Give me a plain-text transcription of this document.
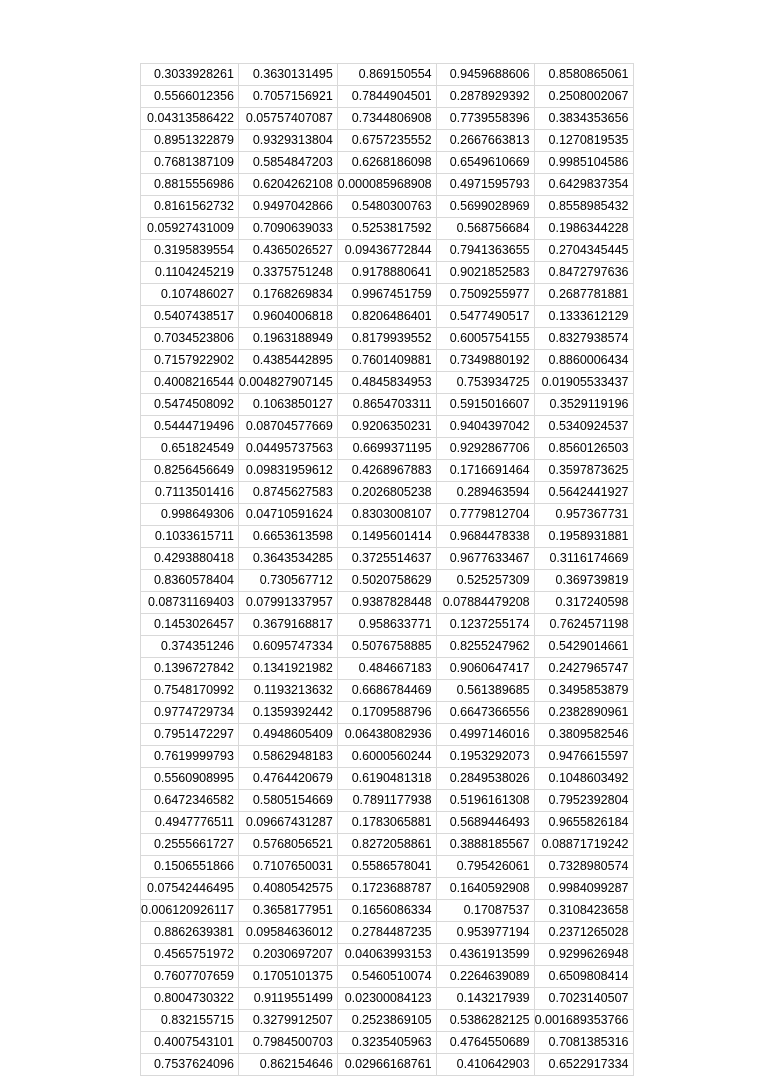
0.3033928261	0.3630131495	0.869150554	0.9459688606	0.8580865061
0.5566012356	0.7057156921	0.7844904501	0.2878929392	0.2508002067
0.04313586422	0.05757407087	0.7344806908	0.7739558396	0.3834353656
0.8951322879	0.9329313804	0.6757235552	0.2667663813	0.1270819535
0.7681387109	0.5854847203	0.6268186098	0.6549610669	0.9985104586
0.8815556986	0.6204262108	0.000085968908	0.4971595793	0.6429837354
0.8161562732	0.9497042866	0.5480300763	0.5699028969	0.8558985432
0.05927431009	0.7090639033	0.5253817592	0.568756684	0.1986344228
0.3195839554	0.4365026527	0.09436772844	0.7941363655	0.2704345445
0.1104245219	0.3375751248	0.9178880641	0.9021852583	0.8472797636
0.107486027	0.1768269834	0.9967451759	0.7509255977	0.2687781881
0.5407438517	0.9604006818	0.8206486401	0.5477490517	0.1333612129
0.7034523806	0.1963188949	0.8179939552	0.6005754155	0.8327938574
0.7157922902	0.4385442895	0.7601409881	0.7349880192	0.8860006434
0.4008216544	0.004827907145	0.4845834953	0.753934725	0.01905533437
0.5474508092	0.1063850127	0.8654703311	0.5915016607	0.3529119196
0.5444719496	0.08704577669	0.9206350231	0.9404397042	0.5340924537
0.651824549	0.04495737563	0.6699371195	0.9292867706	0.8560126503
0.8256456649	0.09831959612	0.4268967883	0.1716691464	0.3597873625
0.7113501416	0.8745627583	0.2026805238	0.289463594	0.5642441927
0.998649306	0.04710591624	0.8303008107	0.7779812704	0.957367731
0.1033615711	0.6653613598	0.1495601414	0.9684478338	0.1958931881
0.4293880418	0.3643534285	0.3725514637	0.9677633467	0.3116174669
0.8360578404	0.730567712	0.5020758629	0.525257309	0.369739819
0.08731169403	0.07991337957	0.9387828448	0.07884479208	0.317240598
0.1453026457	0.3679168817	0.958633771	0.1237255174	0.7624571198
0.374351246	0.6095747334	0.5076758885	0.8255247962	0.5429014661
0.1396727842	0.1341921982	0.484667183	0.9060647417	0.2427965747
0.7548170992	0.1193213632	0.6686784469	0.561389685	0.3495853879
0.9774729734	0.1359392442	0.1709588796	0.6647366556	0.2382890961
0.7951472297	0.4948605409	0.06438082936	0.4997146016	0.3809582546
0.7619999793	0.5862948183	0.6000560244	0.1953292073	0.9476615597
0.5560908995	0.4764420679	0.6190481318	0.2849538026	0.1048603492
0.6472346582	0.5805154669	0.7891177938	0.5196161308	0.7952392804
0.4947776511	0.09667431287	0.1783065881	0.5689446493	0.9655826184
0.2555661727	0.5768056521	0.8272058861	0.3888185567	0.08871719242
0.1506551866	0.7107650031	0.5586578041	0.795426061	0.7328980574
0.07542446495	0.4080542575	0.1723688787	0.1640592908	0.9984099287
0.006120926117	0.3658177951	0.1656086334	0.17087537	0.3108423658
0.8862639381	0.09584636012	0.2784487235	0.953977194	0.2371265028
0.4565751972	0.2030697207	0.04063993153	0.4361913599	0.9299626948
0.7607707659	0.1705101375	0.5460510074	0.2264639089	0.6509808414
0.8004730322	0.9119551499	0.02300084123	0.143217939	0.7023140507
0.832155715	0.3279912507	0.2523869105	0.5386282125	0.001689353766
0.4007543101	0.7984500703	0.3235405963	0.4764550689	0.7081385316
0.7537624096	0.862154646	0.02966168761	0.410642903	0.6522917334
